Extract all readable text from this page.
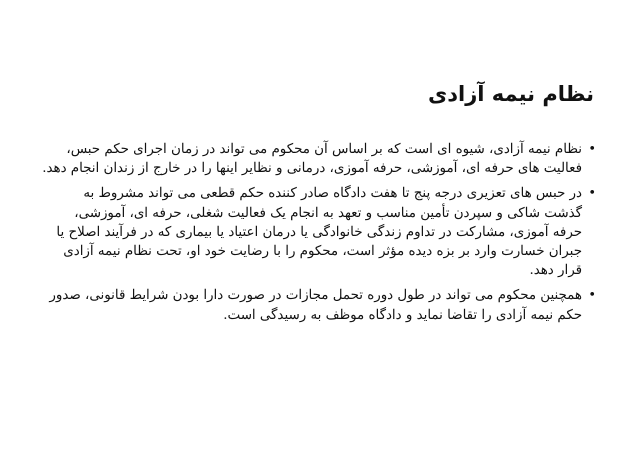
نظام نیمه آزادی
•
نظام نیمه آزادی، شیوه ای است که بر اساس آن محکوم می تواند در زمان اجرای حکم حبس، فعالیت های حرفه ای، آموزشی، حرفه آموزی، درمانی و نظایر اینها را در خارج از زندان انجام دهد.
•
در حبس های تعزیری درجه پنج تا هفت دادگاه صادر کننده حکم قطعی می تواند مشروط به گذشت شاکی و سپردن تأمین مناسب و تعهد به انجام یک فعالیت شغلی، حرفه ای، آموزشی، حرفه آموزی، مشارکت در تداوم زندگی خانوادگی یا درمان اعتیاد یا بیماری که در فرآیند اصلاح یا جبران خسارت وارد بر بزه دیده مؤثر است، محکوم را با رضایت خود او، تحت نظام نیمه آزادی قرار دهد.
•
همچنین محکوم می تواند در طول دوره تحمل مجازات در صورت دارا بودن شرایط قانونی، صدور حکم نیمه آزادی را تقاضا نماید و دادگاه موظف به رسیدگی است.
